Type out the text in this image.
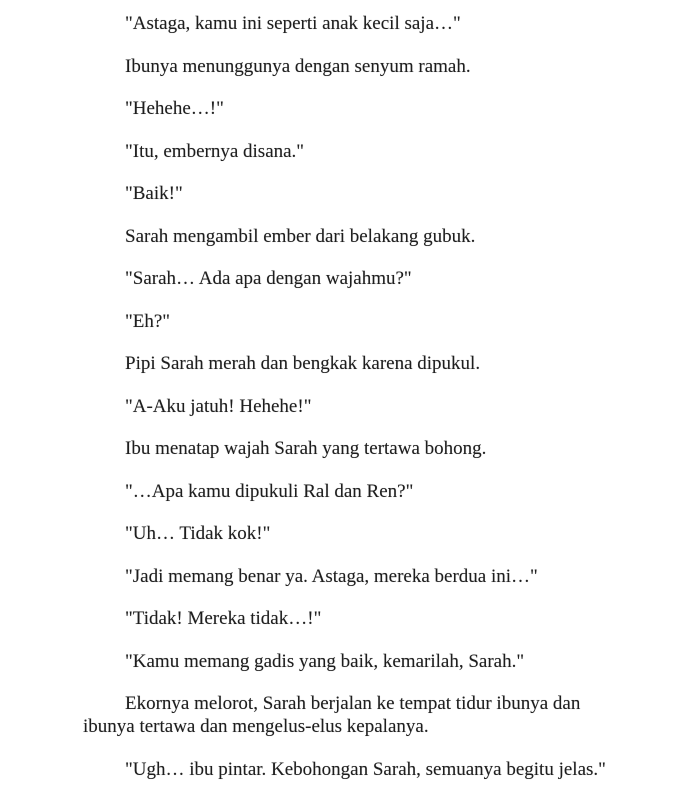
"Astaga, kamu ini seperti anak kecil saja…"

Ibunya menunggunya dengan senyum ramah.

"Hehehe…!"

"Itu, embernya disana."

"Baik!"

Sarah mengambil ember dari belakang gubuk.

"Sarah… Ada apa dengan wajahmu?"

"Eh?"

Pipi Sarah merah dan bengkak karena dipukul.

"A-Aku jatuh! Hehehe!"

Ibu menatap wajah Sarah yang tertawa bohong.

"…Apa kamu dipukuli Ral dan Ren?"

"Uh… Tidak kok!"

"Jadi memang benar ya. Astaga, mereka berdua ini…"

"Tidak! Mereka tidak…!"

"Kamu memang gadis yang baik, kemarilah, Sarah."

Ekornya melorot, Sarah berjalan ke tempat tidur ibunya dan ibunya tertawa dan mengelus-elus kepalanya.

"Ugh… ibu pintar. Kebohongan Sarah, semuanya begitu jelas."
